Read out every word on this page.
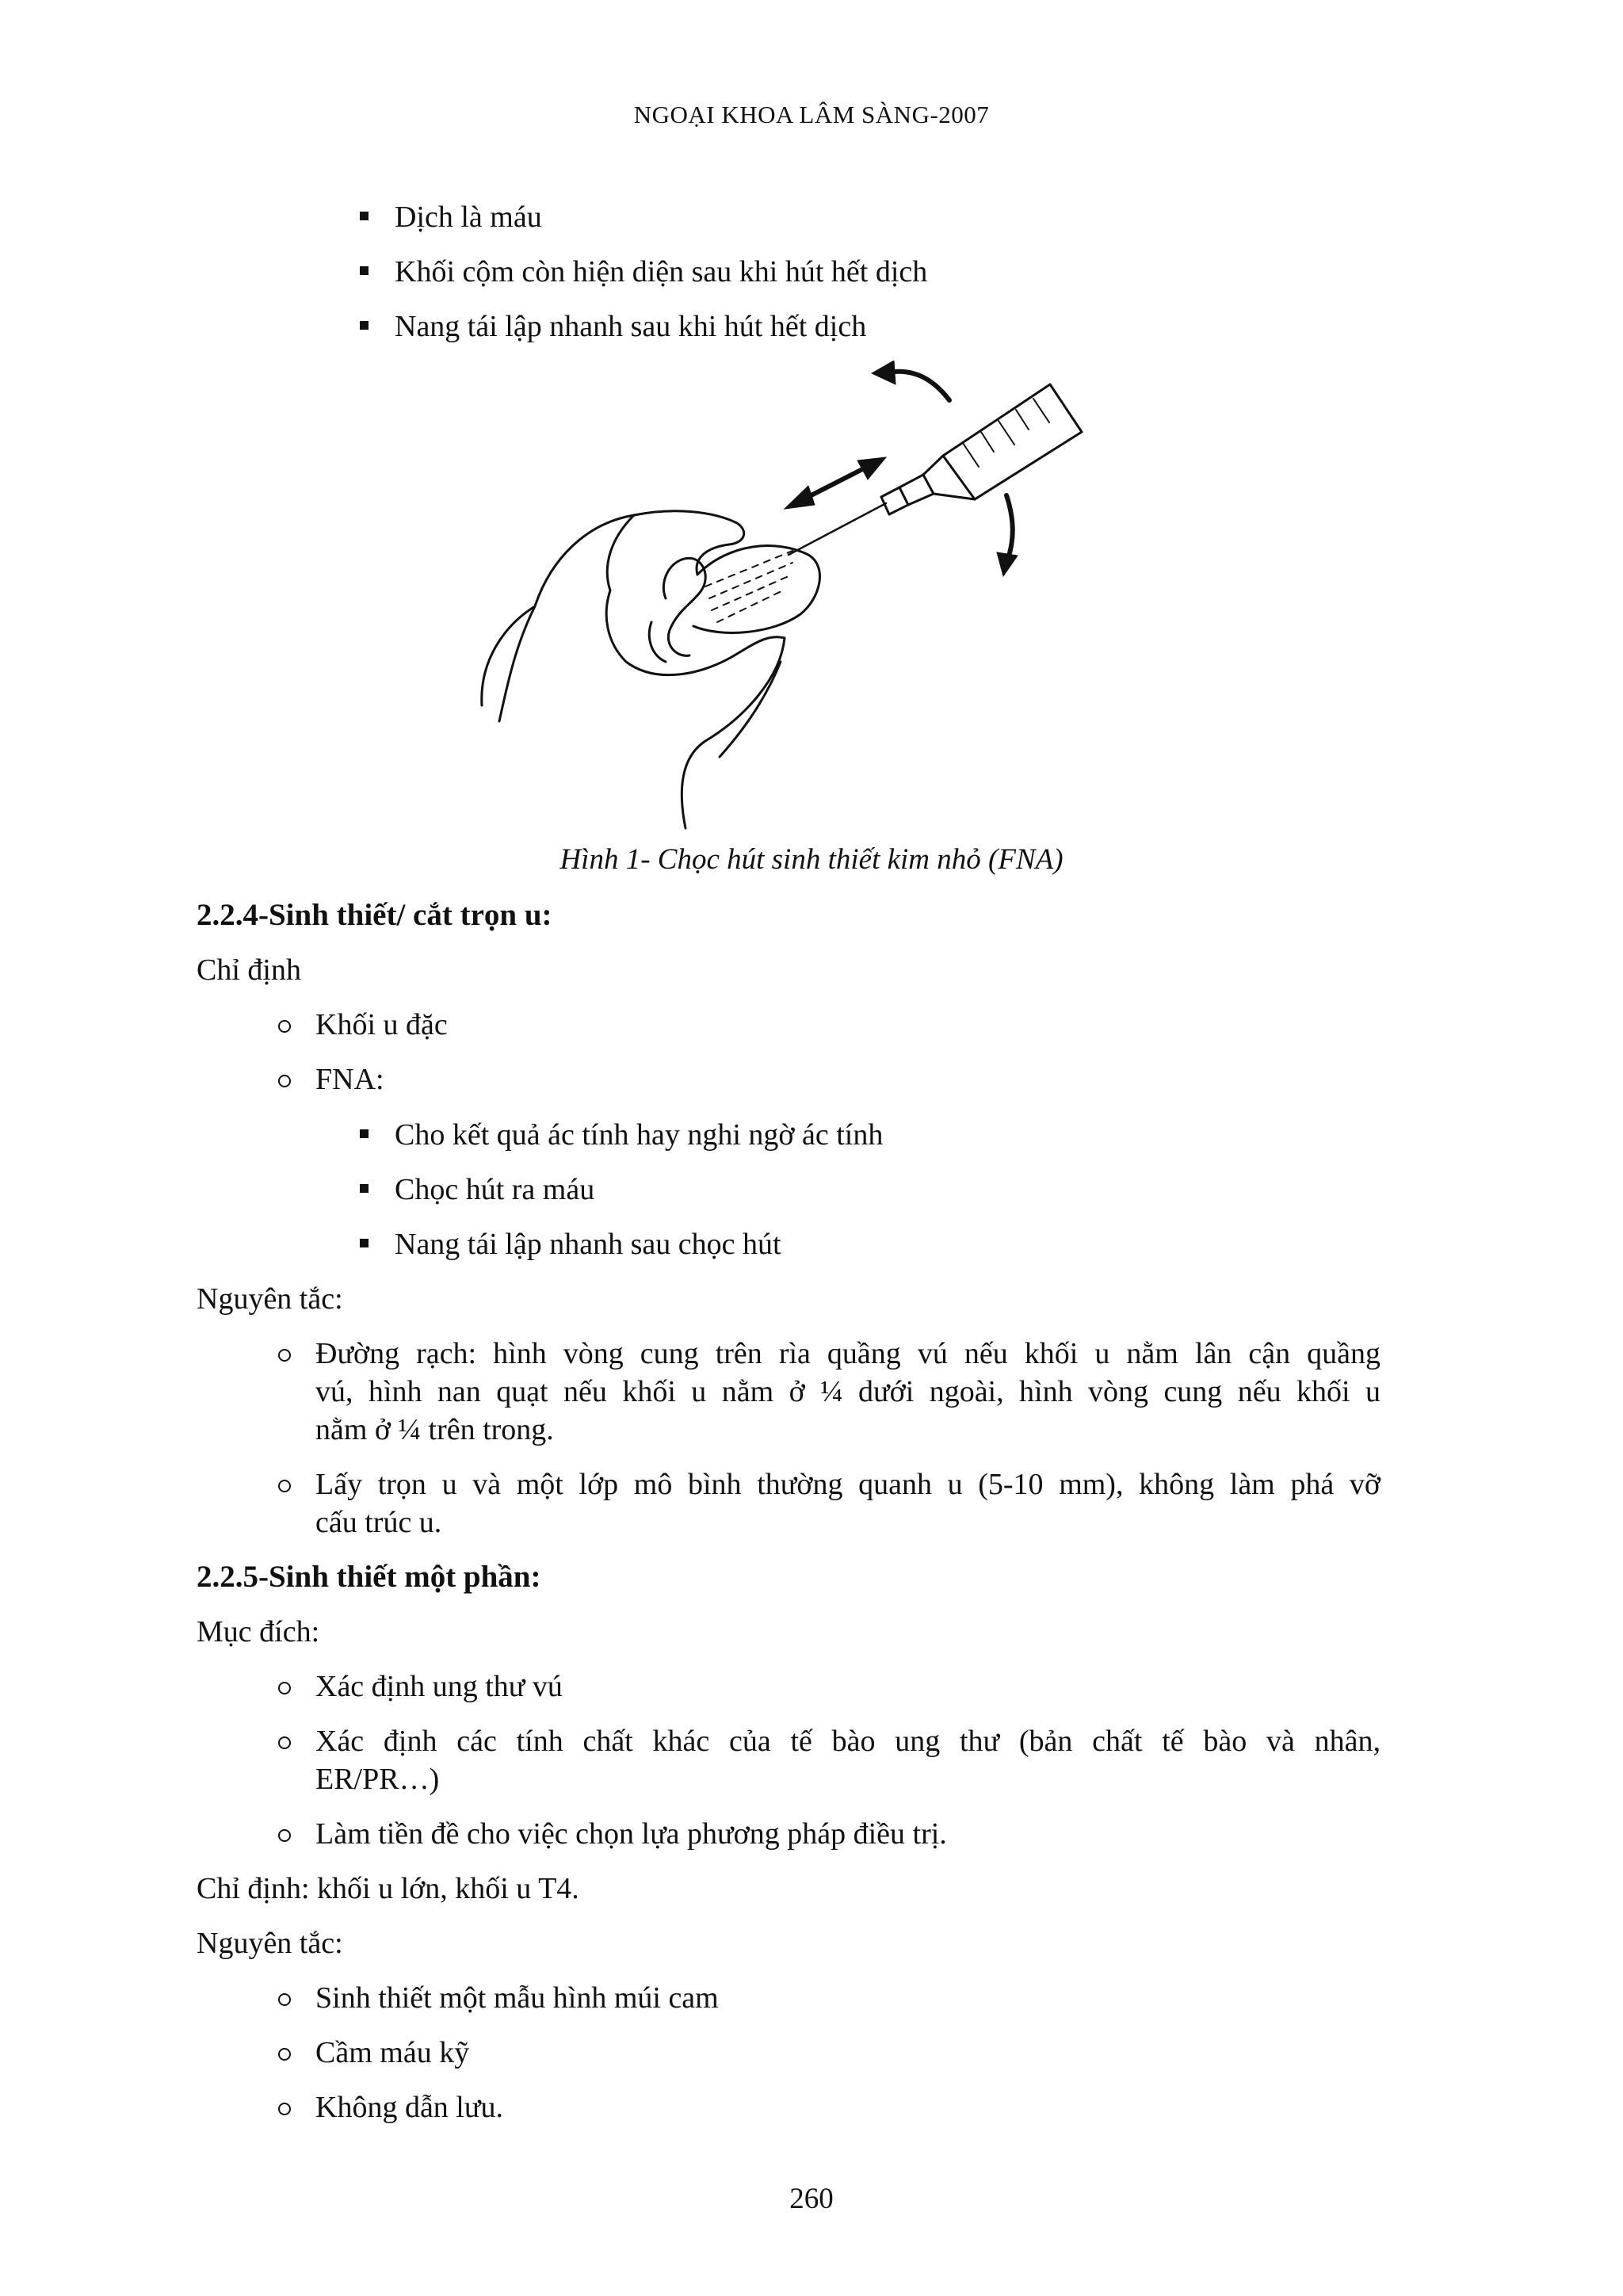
NGOẠI KHOA LÂM SÀNG-2007
Dịch là máu
Khối cộm còn hiện diện sau khi hút hết dịch
Nang tái lập nhanh sau khi hút hết dịch
Hình 1- Chọc hút sinh thiết kim nhỏ (FNA)
2.2.4-Sinh thiết/ cắt trọn u:
Chỉ định
Khối u đặc
FNA:
Cho kết quả ác tính hay nghi ngờ ác tính
Chọc hút ra máu
Nang tái lập nhanh sau chọc hút
Nguyên tắc:
Đường rạch: hình vòng cung trên rìa quầng vú nếu khối u nằm lân cận quầng
vú, hình nan quạt nếu khối u nằm ở ¼ dưới ngoài, hình vòng cung nếu khối u
nằm ở ¼ trên trong.
Lấy trọn u và một lớp mô bình thường quanh u (5-10 mm), không làm phá vỡ
cấu trúc u.
2.2.5-Sinh thiết một phần:
Mục đích:
Xác định ung thư vú
Xác định các tính chất khác của tế bào ung thư (bản chất tế bào và nhân,
ER/PR…)
Làm tiền đề cho việc chọn lựa phương pháp điều trị.
Chỉ định: khối u lớn, khối u T4.
Nguyên tắc:
Sinh thiết một mẫu hình múi cam
Cầm máu kỹ
Không dẫn lưu.
260
